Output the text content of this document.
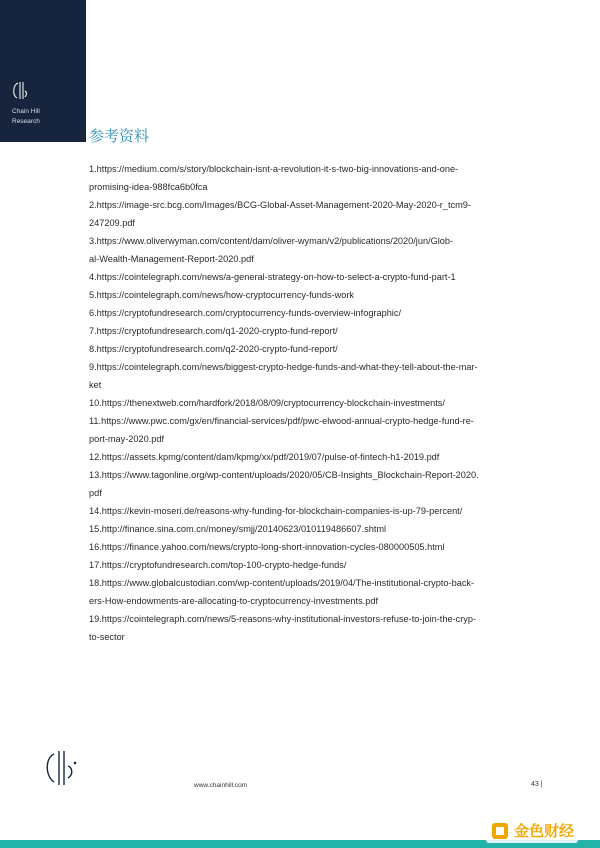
Chain Hill
Research
参考资料
1.https://medium.com/s/story/blockchain-isnt-a-revolution-it-s-two-big-innovations-and-one-
promising-idea-988fca6b0fca
2.https://image-src.bcg.com/Images/BCG-Global-Asset-Management-2020-May-2020-r_tcm9-
247209.pdf
3.https://www.oliverwyman.com/content/dam/oliver-wyman/v2/publications/2020/jun/Glob-
al-Wealth-Management-Report-2020.pdf
4.https://cointelegraph.com/news/a-general-strategy-on-how-to-select-a-crypto-fund-part-1
5.https://cointelegraph.com/news/how-cryptocurrency-funds-work
6.https://cryptofundresearch.com/cryptocurrency-funds-overview-infographic/
7.https://cryptofundresearch.com/q1-2020-crypto-fund-report/
8.https://cryptofundresearch.com/q2-2020-crypto-fund-report/
9.https://cointelegraph.com/news/biggest-crypto-hedge-funds-and-what-they-tell-about-the-mar-
ket
10.https://thenextweb.com/hardfork/2018/08/09/cryptocurrency-blockchain-investments/
11.https://www.pwc.com/gx/en/financial-services/pdf/pwc-elwood-annual-crypto-hedge-fund-re-
port-may-2020.pdf
12.https://assets.kpmg/content/dam/kpmg/xx/pdf/2019/07/pulse-of-fintech-h1-2019.pdf
13.https://www.tagonline.org/wp-content/uploads/2020/05/CB-Insights_Blockchain-Report-2020.
pdf
14.https://kevin-moseri.de/reasons-why-funding-for-blockchain-companies-is-up-79-percent/
15.http://finance.sina.com.cn/money/smjj/20140623/010119486607.shtml
16.https://finance.yahoo.com/news/crypto-long-short-innovation-cycles-080000505.html
17.https://cryptofundresearch.com/top-100-crypto-hedge-funds/
18.https://www.globalcustodian.com/wp-content/uploads/2019/04/The-institutional-crypto-back-
ers-How-endowments-are-allocating-to-cryptocurrency-investments.pdf
19.https://cointelegraph.com/news/5-reasons-why-institutional-investors-refuse-to-join-the-cryp-
to-sector
www.chainhill.com	43 |
金色财经
